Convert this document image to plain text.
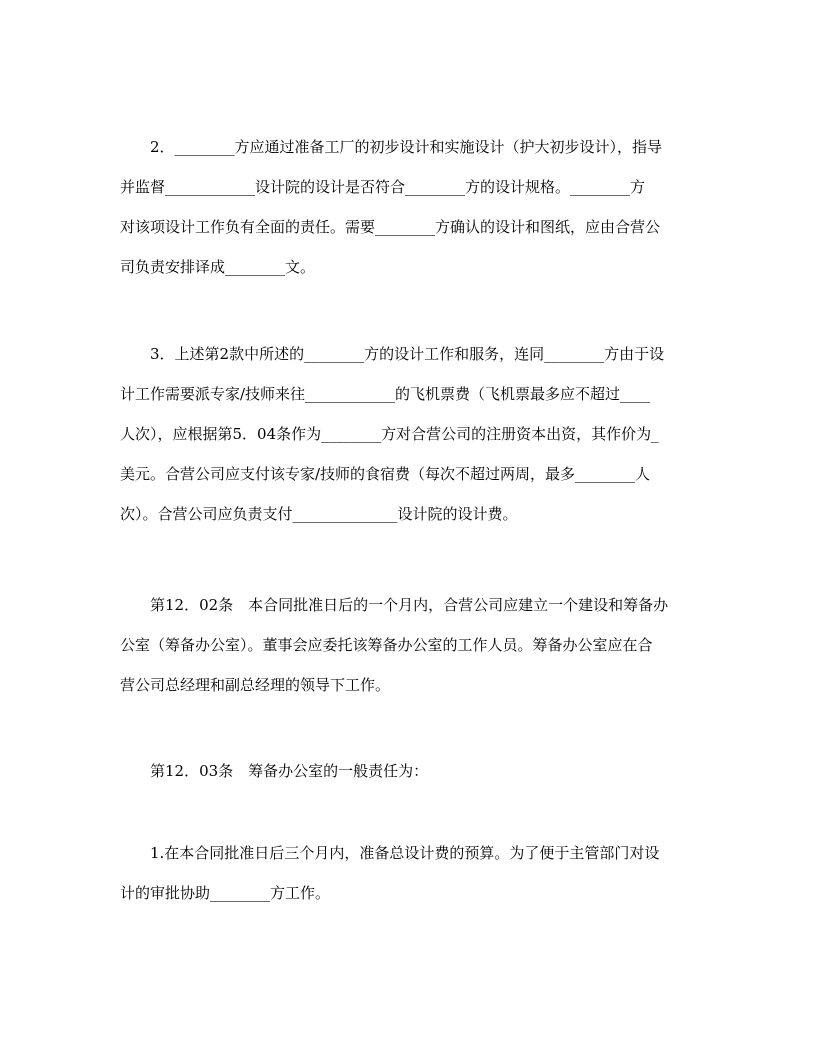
　　2．________方应通过准备工厂的初步设计和实施设计（护大初步设计），指导
并监督____________设计院的设计是否符合________方的设计规格。________方
对该项设计工作负有全面的责任。需要________方确认的设计和图纸，应由合营公
司负责安排译成________文。
　　3．上述第2款中所述的________方的设计工作和服务，连同________方由于设
计工作需要派专家/技师来往____________的飞机票费（飞机票最多应不超过____
人次），应根据第5．04条作为________方对合营公司的注册资本出资，其作价为_
美元。合营公司应支付该专家/技师的食宿费（每次不超过两周，最多________人
次）。合营公司应负责支付______________设计院的设计费。
　　第12．02条　本合同批准日后的一个月内，合营公司应建立一个建设和筹备办
公室（筹备办公室）。董事会应委托该筹备办公室的工作人员。筹备办公室应在合
营公司总经理和副总经理的领导下工作。
　　第12．03条　筹备办公室的一般责任为：
　　1.在本合同批准日后三个月内，准备总设计费的预算。为了便于主管部门对设
计的审批协助________方工作。
